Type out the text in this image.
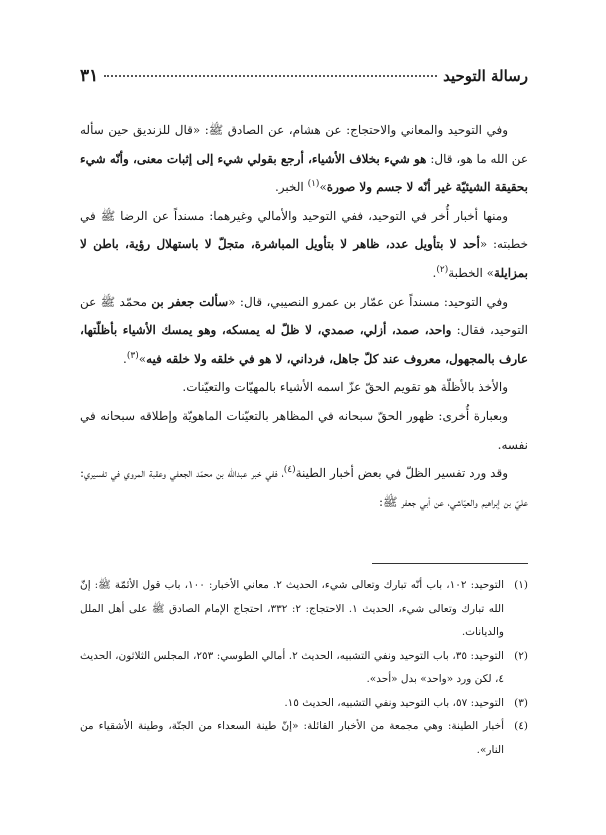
رسالة التوحيد
٣١

وفي التوحيد والمعاني والاحتجاج: عن هشام، عن الصادق ﷺ: «قال للزنديق حين سأله عن الله ما هو، قال: هو شيء بخلاف الأشياء، أرجع بقولي شيء إلى إثبات معنى، وأنّه شيء بحقيقة الشيئيّة غير أنّه لا جسم ولا صورة»$^{(١)}$ الخبر.

ومنها أخبار أُخر في التوحيد، ففي التوحيد والأمالي وغيرهما: مسنداً عن الرضا ﷺ في خطبته: «أحد لا بتأويل عدد، ظاهر لا بتأويل المباشرة، متجلّ لا باستهلال رؤية، باطن لا بمزايلة» الخطبة$^{(٢)}$.

وفي التوحيد: مسنداً عن عمّار بن عمرو النصيبي، قال: «سألت جعفر بن محمّد ﷺ عن التوحيد، فقال: واحد، صمد، أزلي، صمدي، لا ظلّ له يمسكه، وهو يمسك الأشياء بأظلّتها، عارف بالمجهول، معروف عند كلّ جاهل، فرداني، لا هو في خلقه ولا خلقه فيه»$^{(٣)}$.

والأخذ بالأظلّة هو تقويم الحقّ عزّ اسمه الأشياء بالمهيّات والتعيّنات.

وبعبارة أُخرى: ظهور الحقّ سبحانه في المظاهر بالتعيّنات الماهويّة وإطلاقه سبحانه في نفسه.

وقد ورد تفسير الظلّ في بعض أخبار الطينة$^{(٤)}$، ففي خبر عبدالله بن محمّد الجعفي وعقبة المروي في تفسيري: عليّ بن إبراهيم والعيّاشي، عن أبي جعفر ﷺ:

(١)
التوحيد: ١٠٢، باب أنّه تبارك وتعالى شيء، الحديث ٢. معاني الأخبار: ١٠٠، باب قول الأئمّة ﷺ: إنّ الله تبارك وتعالى شيء، الحديث ١. الاحتجاج: ٢: ٣٣٢، احتجاج الإمام الصادق ﷺ على أهل الملل والديانات.
(٢)
التوحيد: ٣٥، باب التوحيد ونفي التشبيه، الحديث ٢. أمالي الطوسي: ٢٥٣، المجلس الثلاثون، الحديث ٤، لكن ورد «واحد» بدل «أحد».
(٣)
التوحيد: ٥٧، باب التوحيد ونفي التشبيه، الحديث ١٥.
(٤)
أخبار الطينة: وهي مجمعة من الأخبار القائلة: «إنّ طينة السعداء من الجنّة، وطينة الأشقياء من النار».
